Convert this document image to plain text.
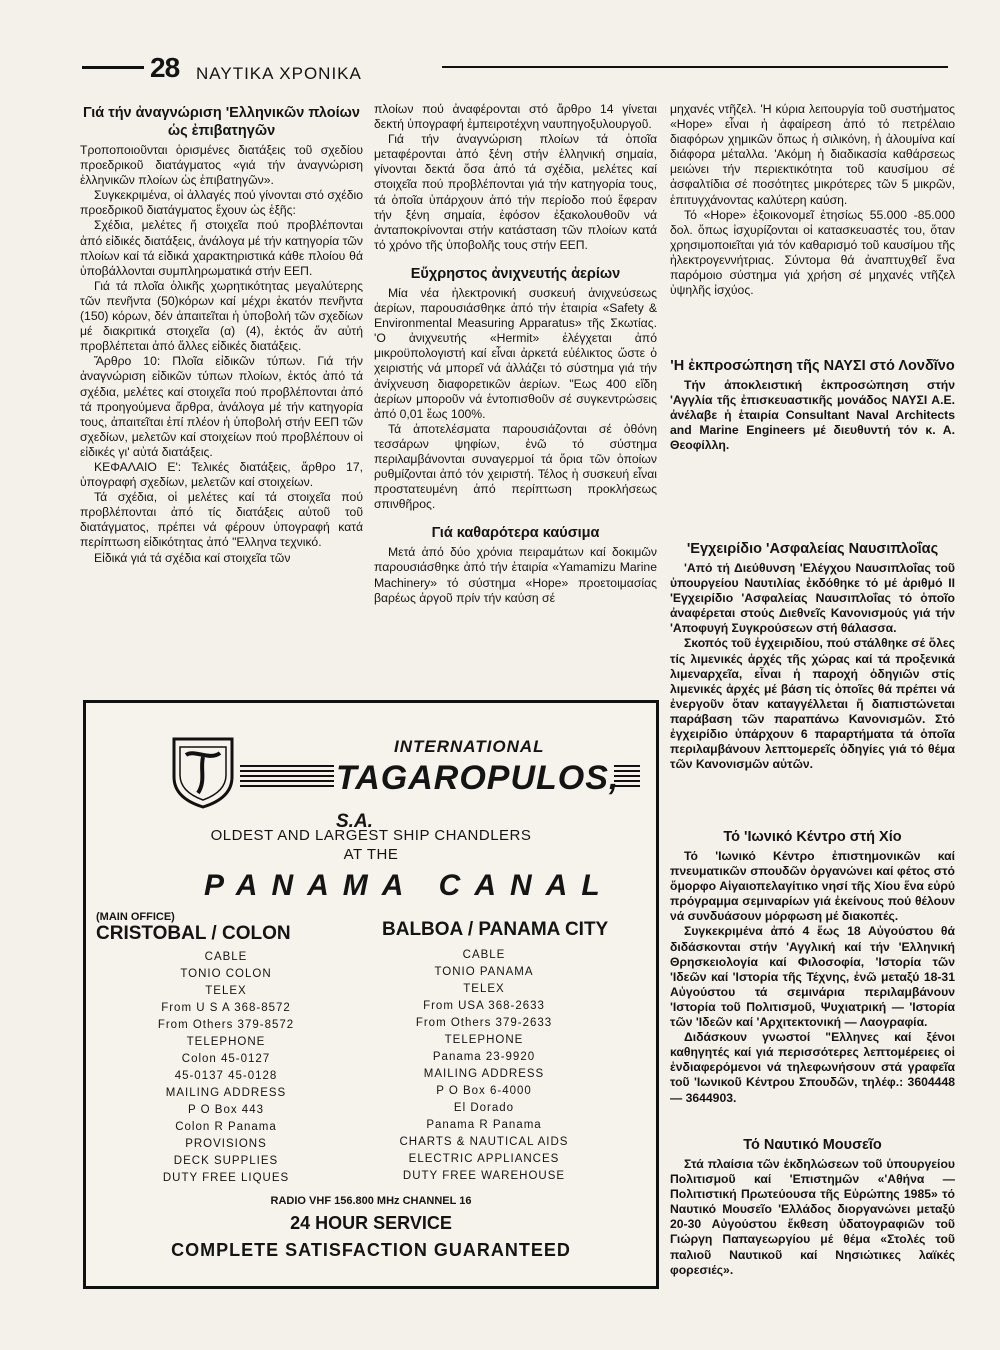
28 ΝΑΥΤΙΚΑ ΧΡΟΝΙΚΑ
Γιά τήν ἀναγνώριση 'Ελληνικῶν πλοίων ὡς ἐπιβατηγῶν

Τροποποιοῦνται ὁρισμένες διατάξεις τοῦ σχεδίου προεδρικοῦ διατάγματος «γιά τήν ἀναγνώριση ἑλληνικῶν πλοίων ὡς ἐπιβατηγῶν».

Συγκεκριμένα, οἱ ἀλλαγές πού γίνονται στό σχέδιο προεδρικοῦ διατάγματος ἔχουν ὡς ἑξῆς:

Σχέδια, μελέτες ἤ στοιχεῖα πού προβλέπονται ἀπό εἰδικές διατάξεις, ἀνάλογα μέ τήν κατηγορία τῶν πλοίων καί τά εἰδικά χαρακτηριστικά κάθε πλοίου θά ὑποβάλλονται συμπληρωματικά στήν ΕΕΠ.

Γιά τά πλοῖα ὁλικῆς χωρητικότητας μεγαλύτερης τῶν πενῆντα (50)κόρων καί μέχρι ἑκατόν πενῆντα (150) κόρων, δέν ἀπαιτεῖται ἡ ὑποβολή τῶν σχεδίων μέ διακριτικά στοιχεῖα (α) (4), ἐκτός ἄν αὐτή προβλέπεται ἀπό ἄλλες εἰδικές διατάξεις.

Ἄρθρο 10: Πλοῖα εἰδικῶν τύπων. Γιά τήν ἀναγνώριση εἰδικῶν τύπων πλοίων, ἐκτός ἀπό τά σχέδια, μελέτες καί στοιχεῖα πού προβλέπονται ἀπό τά προηγούμενα ἄρθρα, ἀνάλογα μέ τήν κατηγορία τους, ἀπαιτεῖται ἐπί πλέον ἡ ὑποβολή στήν ΕΕΠ τῶν σχεδίων, μελετῶν καί στοιχείων πού προβλέπουν οἱ εἰδικές γι' αὐτά διατάξεις.

ΚΕΦΑΛΑΙΟ Ε': Τελικές διατάξεις, ἄρθρο 17, ὑπογραφή σχεδίων, μελετῶν καί στοιχείων.

Τά σχέδια, οἱ μελέτες καί τά στοιχεῖα πού προβλέπονται ἀπό τίς διατάξεις αὐτοῦ τοῦ διατάγματος, πρέπει νά φέρουν ὑπογραφή κατά περίπτωση εἰδικότητας ἀπό "Ελληνα τεχνικό.

Εἰδικά γιά τά σχέδια καί στοιχεῖα τῶν

πλοίων πού ἀναφέρονται στό ἄρθρο 14 γίνεται δεκτή ὑπογραφή ἐμπειροτέχνη ναυπηγοξυλουργοῦ.

Γιά τήν ἀναγνώριση πλοίων τά ὁποῖα μεταφέρονται ἀπό ξένη στήν ἑλληνική σημαία, γίνονται δεκτά ὅσα ἀπό τά σχέδια, μελέτες καί στοιχεῖα πού προβλέπονται γιά τήν κατηγορία τους, τά ὁποῖα ὑπάρχουν ἀπό τήν περίοδο πού ἔφεραν τήν ξένη σημαία, ἐφόσον ἐξακολουθοῦν νά ἀνταποκρίνονται στήν κατάσταση τῶν πλοίων κατά τό χρόνο τῆς ὑποβολῆς τους στήν ΕΕΠ.

Εὔχρηστος ἀνιχνευτής ἀερίων

Μία νέα ἠλεκτρονική συσκευή ἀνιχνεύσεως ἀερίων, παρουσιάσθηκε ἀπό τήν ἑταιρία «Safety & Environmental Measuring Apparatus» τῆς Σκωτίας. 'Ο ἀνιχνευτής «Hermit» ἐλέγχεται ἀπό μικροϋπολογιστή καί εἶναι ἀρκετά εὐέλικτος ὥστε ὁ χειριστής νά μπορεῖ νά ἀλλάζει τό σύστημα γιά τήν ἀνίχνευση διαφορετικῶν ἀερίων. "Εως 400 εἴδη ἀερίων μποροῦν νά ἐντοπισθοῦν σέ συγκεντρώσεις ἀπό 0,01 ἕως 100%.

Τά ἀποτελέσματα παρουσιάζονται σέ ὀθόνη τεσσάρων ψηφίων, ἐνῶ τό σύστημα περιλαμβάνονται συναγερμοί τά ὅρια τῶν ὁποίων ρυθμίζονται ἀπό τόν χειριστή. Τέλος ἡ συσκευή εἶναι προστατευμένη ἀπό περίπτωση προκλήσεως σπινθῆρος.

Γιά καθαρότερα καύσιμα

Μετά ἀπό δύο χρόνια πειραμάτων καί δοκιμῶν παρουσιάσθηκε ἀπό τήν ἑταιρία «Yamamizu Marine Machinery» τό σύστημα «Hope» προετοιμασίας βαρέως ἀργοῦ πρίν τήν καύση σέ

μηχανές ντῆζελ. 'Η κύρια λειτουργία τοῦ συστήματος «Hope» εἶναι ἡ ἀφαίρεση ἀπό τό πετρέλαιο διαφόρων χημικῶν ὅπως ἡ σιλικόνη, ἡ ἀλουμίνα καί διάφορα μέταλλα. 'Ακόμη ἡ διαδικασία καθάρσεως μειώνει τήν περιεκτικότητα τοῦ καυσίμου σέ ἀσφαλτίδια σέ ποσότητες μικρότερες τῶν 5 μικρῶν, ἐπιτυγχάνοντας καλύτερη καύση.

Τό «Hope» ἐξοικονομεῖ ἐτησίως 55.000 -85.000 δολ. ὅπως ἰσχυρίζονται οἱ κατασκευαστές του, ὅταν χρησιμοποιεῖται γιά τόν καθαρισμό τοῦ καυσίμου τῆς ἠλεκτρογεννήτριας. Σύντομα θά ἀναπτυχθεῖ ἕνα παρόμοιο σύστημα γιά χρήση σέ μηχανές ντῆζελ ὑψηλῆς ἰσχύος.

'Η ἐκπροσώπηση τῆς ΝΑΥΣΙ στό Λονδῖνο

Τήν ἀποκλειστική ἐκπροσώπηση στήν 'Αγγλία τῆς ἐπισκευαστικῆς μονάδος ΝΑΥΣΙ Α.Ε. ἀνέλαβε ἡ ἑταιρία Consultant Naval Architects and Marine Engineers μέ διευθυντή τόν κ. Α. Θεοφίλλη.

'Εγχειρίδιο 'Ασφαλείας Ναυσιπλοΐας

'Από τή Διεύθυνση 'Ελέγχου Ναυσιπλοΐας τοῦ ὑπουργείου Ναυτιλίας ἐκδόθηκε τό μέ ἀριθμό II 'Εγχειρίδιο 'Ασφαλείας Ναυσιπλοΐας τό ὁποῖο ἀναφέρεται στούς Διεθνεῖς Κανονισμούς γιά τήν 'Αποφυγή Συγκρούσεων στή θάλασσα.

Σκοπός τοῦ ἐγχειριδίου, πού στάλθηκε σέ ὅλες τίς λιμενικές ἀρχές τῆς χώρας καί τά προξενικά λιμεναρχεῖα, εἶναι ἡ παροχή ὁδηγιῶν στίς λιμενικές ἀρχές μέ βάση τίς ὁποῖες θά πρέπει νά ἐνεργοῦν ὅταν καταγγέλλεται ἤ διαπιστώνεται παράβαση τῶν παραπάνω Κανονισμῶν. Στό ἐγχειρίδιο ὑπάρχουν 6 παραρτήματα τά ὁποῖα περιλαμβάνουν λεπτομερεῖς ὁδηγίες γιά τό θέμα τῶν Κανονισμῶν αὐτῶν.

Τό 'Ιωνικό Κέντρο στή Χίο

Τό 'Ιωνικό Κέντρο ἐπιστημονικῶν καί πνευματικῶν σπουδῶν ὀργανώνει καί φέτος στό ὄμορφο Αἰγαιοπελαγίτικο νησί τῆς Χίου ἕνα εὐρύ πρόγραμμα σεμιναρίων γιά ἐκείνους πού θέλουν νά συνδυάσουν μόρφωση μέ διακοπές.

Συγκεκριμένα ἀπό 4 ἕως 18 Αὐγούστου θά διδάσκονται στήν 'Αγγλική καί τήν 'Ελληνική Θρησκειολογία καί Φιλοσοφία, 'Ιστορία τῶν 'Ιδεῶν καί 'Ιστορία τῆς Τέχνης, ἐνῶ μεταξύ 18-31 Αὐγούστου τά σεμινάρια περιλαμβάνουν 'Ιστορία τοῦ Πολιτισμοῦ, Ψυχιατρική — 'Ιστορία τῶν 'Ιδεῶν καί 'Αρχιτεκτονική — Λαογραφία.

Διδάσκουν γνωστοί "Ελληνες καί ξένοι καθηγητές καί γιά περισσότερες λεπτομέρειες οἱ ἐνδιαφερόμενοι νά τηλεφωνήσουν στά γραφεῖα τοῦ 'Ιωνικοῦ Κέντρου Σπουδῶν, τηλέφ.: 3604448 — 3644903.

Τό Ναυτικό Μουσεῖο

Στά πλαίσια τῶν ἐκδηλώσεων τοῦ ὑπουργείου Πολιτισμοῦ καί 'Επιστημῶν «'Αθήνα — Πολιτιστική Πρωτεύουσα τῆς Εὐρώπης 1985» τό Ναυτικό Μουσεῖο 'Ελλάδος διοργανώνει μεταξύ 20-30 Αὐγούστου ἔκθεση ὑδατογραφιῶν τοῦ Γιώργη Παπαγεωργίου μέ θέμα «Στολές τοῦ παλιοῦ Ναυτικοῦ καί Νησιώτικες λαϊκές φορεσιές».

INTERNATIONAL
TAGAROPULOS, S.A.
OLDEST AND LARGEST SHIP CHANDLERS
AT THE
PANAMA CANAL
(MAIN OFFICE)
CRISTOBAL / COLON	BALBOA / PANAMA CITY
CABLE
TONIO COLON
TELEX
From U S A 368-8572
From Others 379-8572
TELEPHONE
Colon 45-0127
45-0137 45-0128
MAILING ADDRESS
P O Box 443
Colon R Panama
PROVISIONS
DECK SUPPLIES
DUTY FREE LIQUES
CABLE
TONIO PANAMA
TELEX
From USA 368-2633
From Others 379-2633
TELEPHONE
Panama 23-9920
MAILING ADDRESS
P O Box 6-4000
El Dorado
Panama R Panama
CHARTS & NAUTICAL AIDS
ELECTRIC APPLIANCES
DUTY FREE WAREHOUSE
RADIO VHF 156.800 MHz CHANNEL 16
24 HOUR SERVICE
COMPLETE SATISFACTION GUARANTEED
